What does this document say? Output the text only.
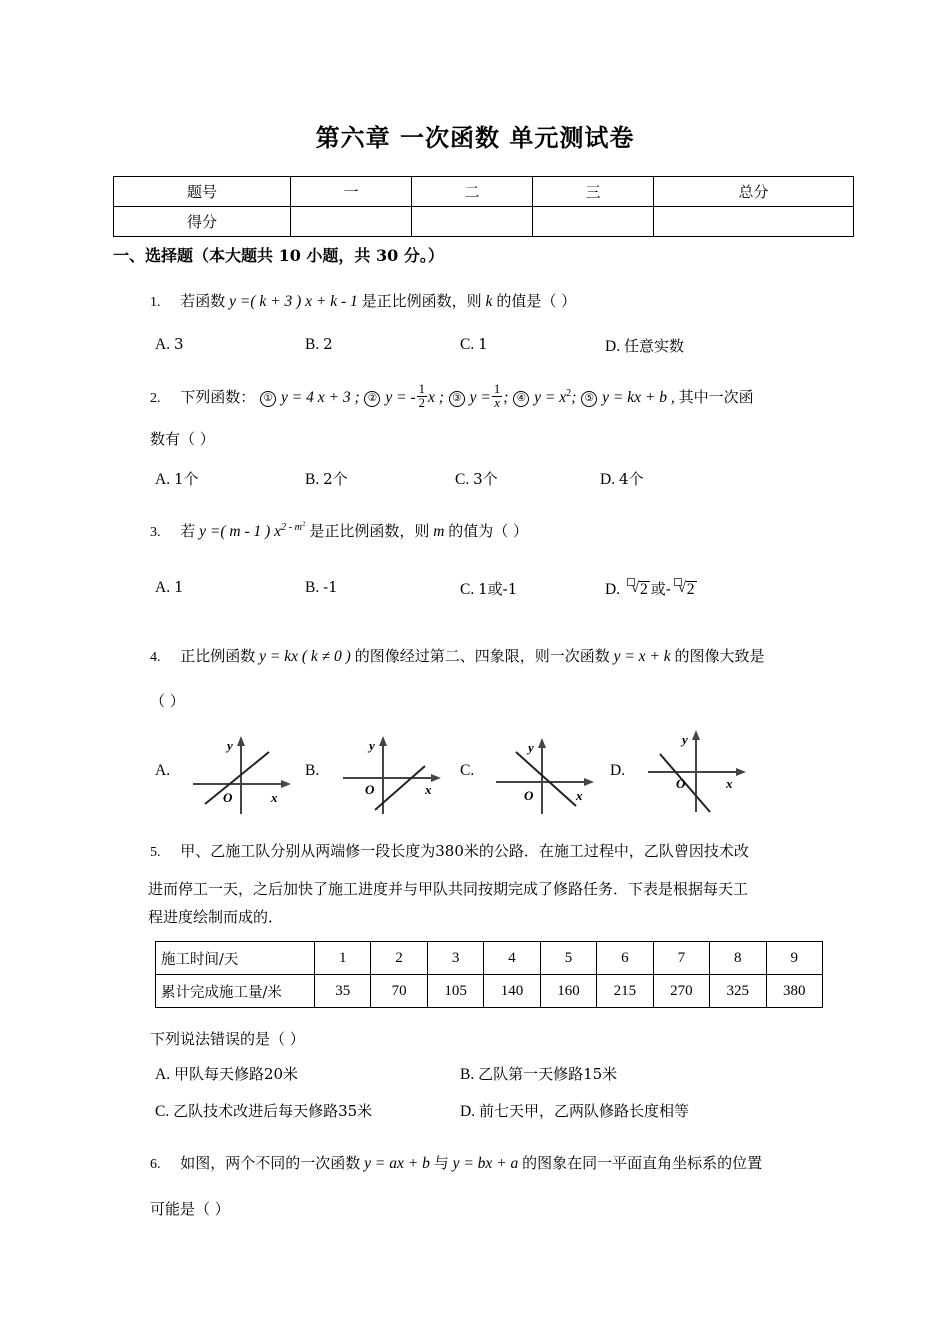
第六章 一次函数 单元测试卷
题号	一	二	三	总分
得分				
一、选择题（本大题共 10 小题，共 30 分。）
1. 若函数 y =( k + 3 ) x + k - 1 是正比例函数，则 k 的值是（ ）
A. 3	B. 2	C. 1	D. 任意实数
2. 下列函数： ① y = 4 x + 3 ; ② y = - $\frac{1}{2}$ x ; ③ $y = \frac{1}{x}$ ; ④ $y = x^2$; ⑤ y = kx + b , 其中一次函
数有（ ）
A. 1个	B. 2个	C. 3个	D. 4个
3. 若 y =( m - 1 ) $x^{2 - m^2}$ 是正比例函数，则 m 的值为（ ）
A. 1	B. -1	C. 1或-1	D. √ 2 或- √ 2
4. 正比例函数 y = kx ( k ≠ 0 ) 的图像经过第二、四象限，则一次函数 y = x + k 的图像大致是
（ ）
A.
O
y
x
B.
O
y
x
C.
O
y
x
D.
O
y
x
5. 甲、乙施工队分别从两端修一段长度为380米的公路．在施工过程中，乙队曾因技术改
进而停工一天，之后加快了施工进度并与甲队共同按期完成了修路任务．下表是根据每天工
程进度绘制而成的．
施工时间/天	1	2	3	4	5	6	7	8	9
累计完成施工量/米	35	70	105	140	160	215	270	325	380
下列说法错误的是（ ）
A. 甲队每天修路20米	B. 乙队第一天修路15米
C. 乙队技术改进后每天修路35米	D. 前七天甲，乙两队修路长度相等
6. 如图，两个不同的一次函数 y = ax + b 与 y = bx + a 的图象在同一平面直角坐标系的位置
可能是（ ）
